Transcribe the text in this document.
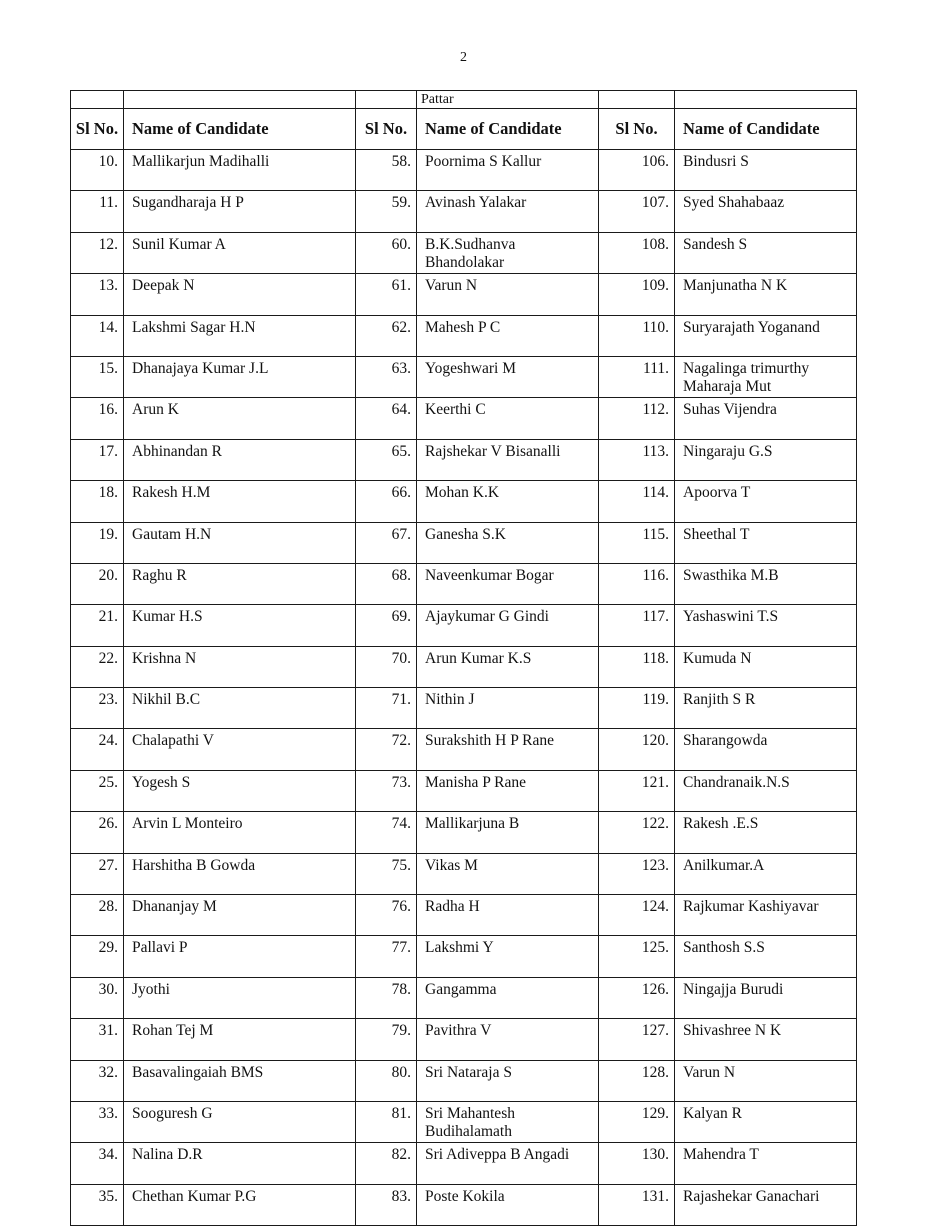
2
			Pattar		
Sl No.	Name of Candidate	Sl No.	Name of Candidate	Sl No.	Name of Candidate
10.	Mallikarjun Madihalli	58.	Poornima S Kallur	106.	Bindusri S
11.	Sugandharaja H P	59.	Avinash Yalakar	107.	Syed Shahabaaz
12.	Sunil Kumar A	60.	B.K.Sudhanva Bhandolakar	108.	Sandesh S
13.	Deepak N	61.	Varun N	109.	Manjunatha N K
14.	Lakshmi Sagar H.N	62.	Mahesh P C	110.	Suryarajath Yoganand
15.	Dhanajaya Kumar J.L	63.	Yogeshwari M	111.	Nagalinga trimurthy Maharaja Mut
16.	Arun K	64.	Keerthi C	112.	Suhas Vijendra
17.	Abhinandan R	65.	Rajshekar V Bisanalli	113.	Ningaraju G.S
18.	Rakesh H.M	66.	Mohan K.K	114.	Apoorva T
19.	Gautam H.N	67.	Ganesha S.K	115.	Sheethal T
20.	Raghu R	68.	Naveenkumar Bogar	116.	Swasthika M.B
21.	Kumar H.S	69.	Ajaykumar G Gindi	117.	Yashaswini T.S
22.	Krishna N	70.	Arun Kumar K.S	118.	Kumuda N
23.	Nikhil B.C	71.	Nithin J	119.	Ranjith S R
24.	Chalapathi V	72.	Surakshith H P Rane	120.	Sharangowda
25.	Yogesh S	73.	Manisha P Rane	121.	Chandranaik.N.S
26.	Arvin L Monteiro	74.	Mallikarjuna B	122.	Rakesh .E.S
27.	Harshitha B Gowda	75.	Vikas M	123.	Anilkumar.A
28.	Dhananjay M	76.	Radha H	124.	Rajkumar Kashiyavar
29.	Pallavi P	77.	Lakshmi Y	125.	Santhosh S.S
30.	Jyothi	78.	Gangamma	126.	Ningajja Burudi
31.	Rohan Tej M	79.	Pavithra V	127.	Shivashree N K
32.	Basavalingaiah BMS	80.	Sri Nataraja S	128.	Varun N
33.	Sooguresh G	81.	Sri Mahantesh Budihalamath	129.	Kalyan R
34.	Nalina D.R	82.	Sri Adiveppa B Angadi	130.	Mahendra T
35.	Chethan Kumar P.G	83.	Poste Kokila	131.	Rajashekar Ganachari
